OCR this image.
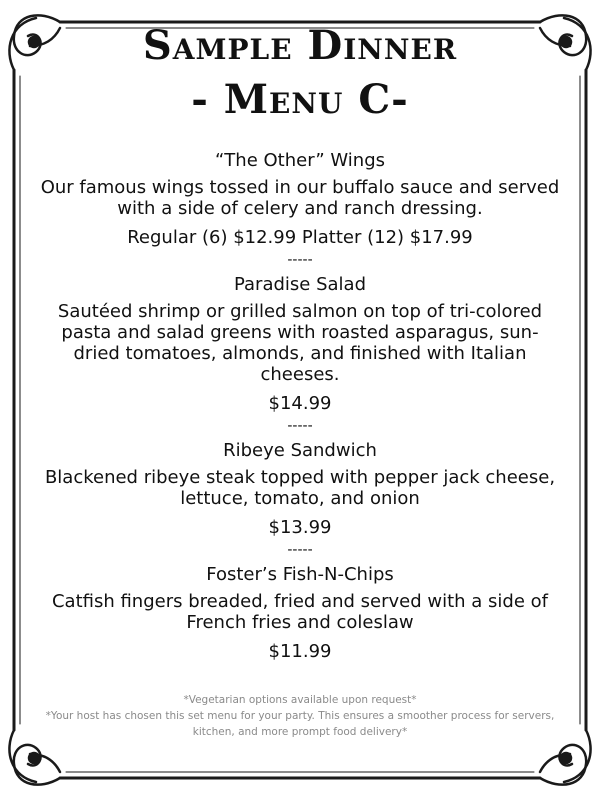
Sample Dinner
- Menu C-

“The Other” Wings

Our famous wings tossed in our buffalo sauce and served with a side of celery and ranch dressing.

Regular (6) $12.99 Platter (12) $17.99

-----

Paradise Salad

Sautéed shrimp or grilled salmon on top of tri-colored pasta and salad greens with roasted asparagus, sun-dried tomatoes, almonds, and finished with Italian cheeses.

$14.99

-----

Ribeye Sandwich

Blackened ribeye steak topped with pepper jack cheese, lettuce, tomato, and onion

$13.99

-----

Foster’s Fish-N-Chips

Catfish fingers breaded, fried and served with a side of French fries and coleslaw

$11.99

*Vegetarian options available upon request*

*Your host has chosen this set menu for your party. This ensures a smoother process for servers, kitchen, and more prompt food delivery*
